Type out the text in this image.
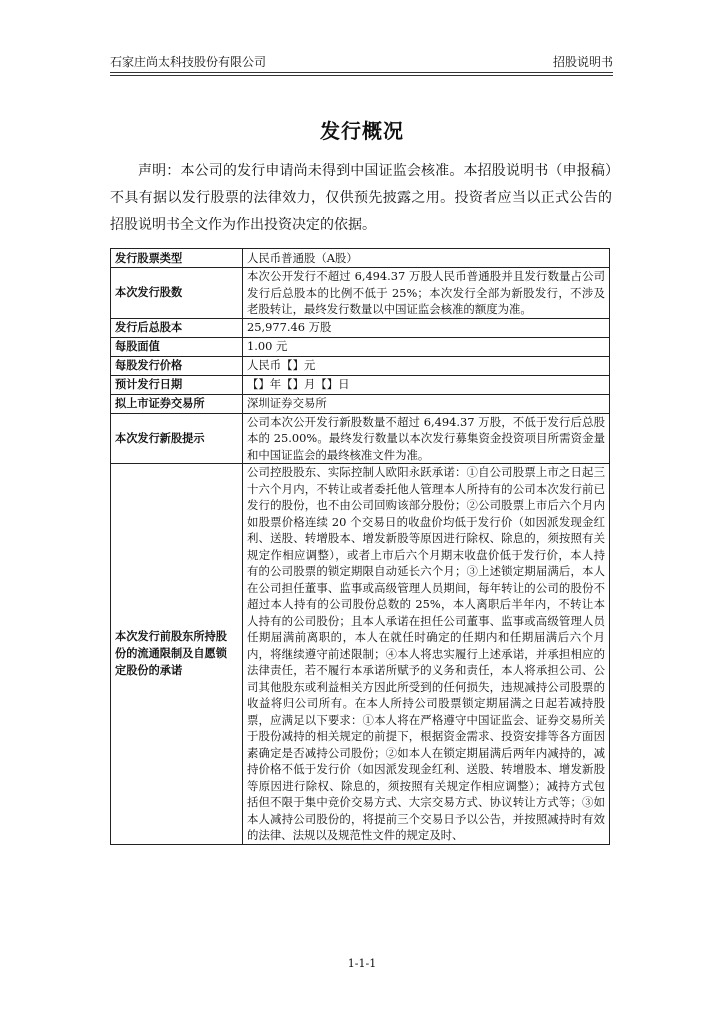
石家庄尚太科技股份有限公司	招股说明书
发行概况
声明：本公司的发行申请尚未得到中国证监会核准。本招股说明书（申报稿）不具有据以发行股票的法律效力，仅供预先披露之用。投资者应当以正式公告的招股说明书全文作为作出投资决定的依据。
发行股票类型	人民币普通股（A股）
本次发行股数	本次公开发行不超过 6,494.37 万股人民币普通股并且发行数量占公司发行后总股本的比例不低于 25%；本次发行全部为新股发行，不涉及老股转让，最终发行数量以中国证监会核准的额度为准。
发行后总股本	25,977.46 万股
每股面值	1.00 元
每股发行价格	人民币【】元
预计发行日期	【】年【】月【】日
拟上市证券交易所	深圳证券交易所
本次发行新股提示	公司本次公开发行新股数量不超过 6,494.37 万股，不低于发行后总股本的 25.00%。最终发行数量以本次发行募集资金投资项目所需资金量和中国证监会的最终核准文件为准。
本次发行前股东所持股份的流通限制及自愿锁定股份的承诺	公司控股股东、实际控制人欧阳永跃承诺：①自公司股票上市之日起三十六个月内，不转让或者委托他人管理本人所持有的公司本次发行前已发行的股份，也不由公司回购该部分股份；②公司股票上市后六个月内如股票价格连续 20 个交易日的收盘价均低于发行价（如因派发现金红利、送股、转增股本、增发新股等原因进行除权、除息的，须按照有关规定作相应调整），或者上市后六个月期末收盘价低于发行价，本人持有的公司股票的锁定期限自动延长六个月；③上述锁定期届满后，本人在公司担任董事、监事或高级管理人员期间，每年转让的公司的股份不超过本人持有的公司股份总数的 25%，本人离职后半年内，不转让本人持有的公司股份；且本人承诺在担任公司董事、监事或高级管理人员任期届满前离职的，本人在就任时确定的任期内和任期届满后六个月内，将继续遵守前述限制；④本人将忠实履行上述承诺，并承担相应的法律责任，若不履行本承诺所赋予的义务和责任，本人将承担公司、公司其他股东或利益相关方因此所受到的任何损失，违规减持公司股票的收益将归公司所有。在本人所持公司股票锁定期届满之日起若减持股票，应满足以下要求：①本人将在严格遵守中国证监会、证券交易所关于股份减持的相关规定的前提下，根据资金需求、投资安排等各方面因素确定是否减持公司股份；②如本人在锁定期届满后两年内减持的，减持价格不低于发行价（如因派发现金红利、送股、转增股本、增发新股等原因进行除权、除息的，须按照有关规定作相应调整）；减持方式包括但不限于集中竞价交易方式、大宗交易方式、协议转让方式等；③如本人减持公司股份的，将提前三个交易日予以公告，并按照减持时有效的法律、法规以及规范性文件的规定及时、
1-1-1
